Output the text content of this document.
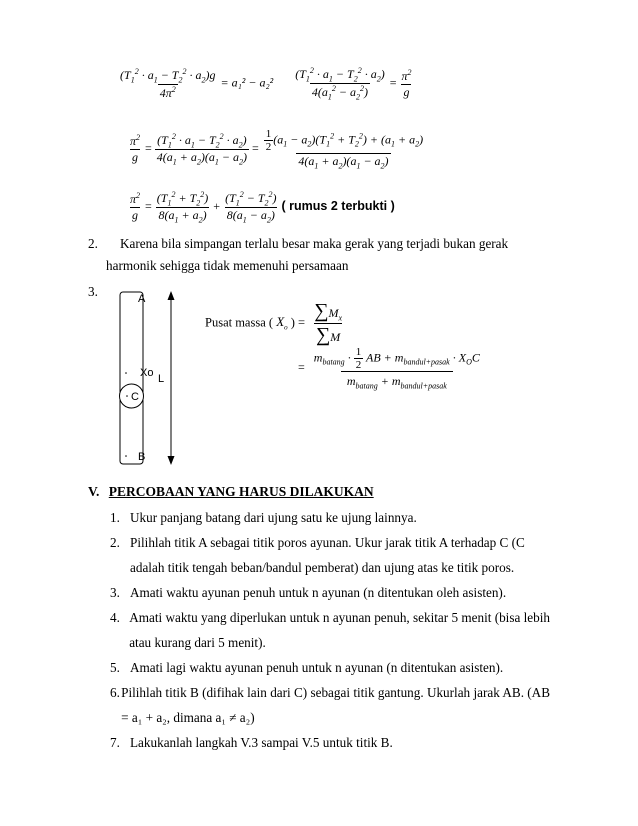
$\frac{(T_1^2 \cdot a_1 - T_2^2 \cdot a_2)g}{4\pi^2} = a_1^2 - a_2^2 \frac{(T_1^2 \cdot a_1 - T_2^2 \cdot a_2)}{4(a_1^2 - a_2^2)} = \frac{\pi^2}{g}$
$\frac{\pi^2}{g} = \frac{(T_1^2 \cdot a_1 - T_2^2 \cdot a_2)}{4(a_1 + a_2)(a_1 - a_2)} = \frac{\frac{1}{2} (a_1 - a_2)(T_1^2 + T_2^2) + (a_1 + a_2)}{4(a_1 + a_2)(a_1 - a_2)}$
$\frac{\pi^2}{g} = \frac{(T_1^2 + T_2^2)}{8(a_1 + a_2)} + \frac{(T_1^2 - T_2^2)}{8(a_1 - a_2)}$ ( rumus 2 terbukti )
2. Karena bila simpangan terlalu besar maka gerak yang terjadi bukan gerak
harmonik sehigga tidak memenuhi persamaan
3.	A
Xo L
C
B
Pusat massa ( $X_o$ ) = $\frac{\sum M_x}{\sum M}$
= $\frac{m_{batang} \cdot \frac{1}{2} AB + m_{bandul+pasak} \cdot X_OC}{m_{batang} + m_{bandul+pasak}}$
V. PERCOBAAN YANG HARUS DILAKUKAN
1. Ukur panjang batang dari ujung satu ke ujung lainnya.
2. Pilihlah titik A sebagai titik poros ayunan. Ukur jarak titik A terhadap C (C
adalah titik tengah beban/bandul pemberat) dan ujung atas ke titik poros.
3. Amati waktu ayunan penuh untuk n ayunan (n ditentukan oleh asisten).
4. Amati waktu yang diperlukan untuk n ayunan penuh, sekitar 5 menit (bisa lebih
atau kurang dari 5 menit).
5. Amati lagi waktu ayunan penuh untuk n ayunan (n ditentukan asisten).
6. Pilihlah titik B (difihak lain dari C) sebagai titik gantung. Ukurlah jarak AB. (AB
= a₁ + a₂, dimana a₁ ≠ a₂)
7. Lakukanlah langkah V.3 sampai V.5 untuk titik B.
